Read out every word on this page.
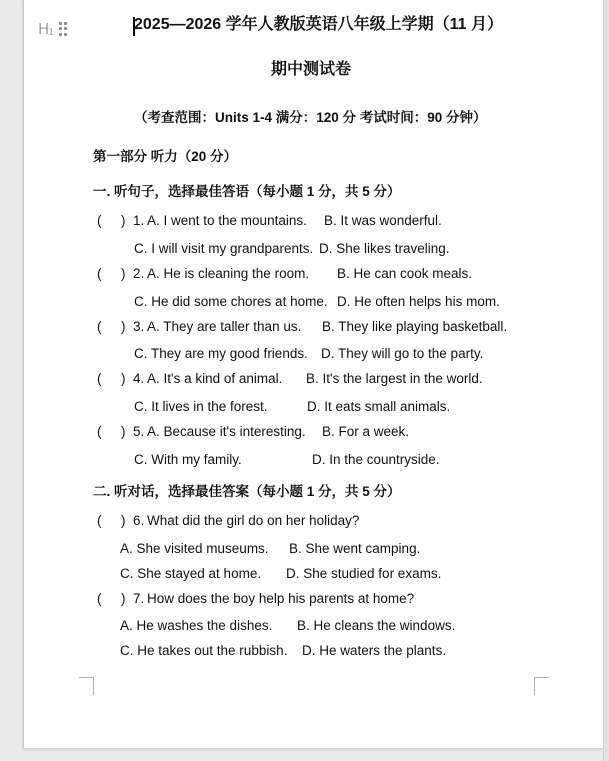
$H_1$	2025—2026 学年人教版英语八年级上学期（11 月）
期中测试卷
（考查范围：Units 1-4 满分：120 分 考试时间：90 分钟）
第一部分 听力（20 分）
一. 听句子，选择最佳答语（每小题 1 分，共 5 分）
( ) 1. A. I went to the mountains. B. It was wonderful.
C. I will visit my grandparents. D. She likes traveling.
( ) 2. A. He is cleaning the room. B. He can cook meals.
C. He did some chores at home. D. He often helps his mom.
( ) 3. A. They are taller than us. B. They like playing basketball.
C. They are my good friends. D. They will go to the party.
( ) 4. A. It's a kind of animal. B. It's the largest in the world.
C. It lives in the forest.	D. It eats small animals.
( ) 5. A. Because it's interesting. B. For a week.
C. With my family.	D. In the countryside.
二. 听对话，选择最佳答案（每小题 1 分，共 5 分）
( ) 6. What did the girl do on her holiday?
A. She visited museums. B. She went camping.
C. She stayed at home. D. She studied for exams.
( ) 7. How does the boy help his parents at home?
A. He washes the dishes. B. He cleans the windows.
C. He takes out the rubbish. D. He waters the plants.
